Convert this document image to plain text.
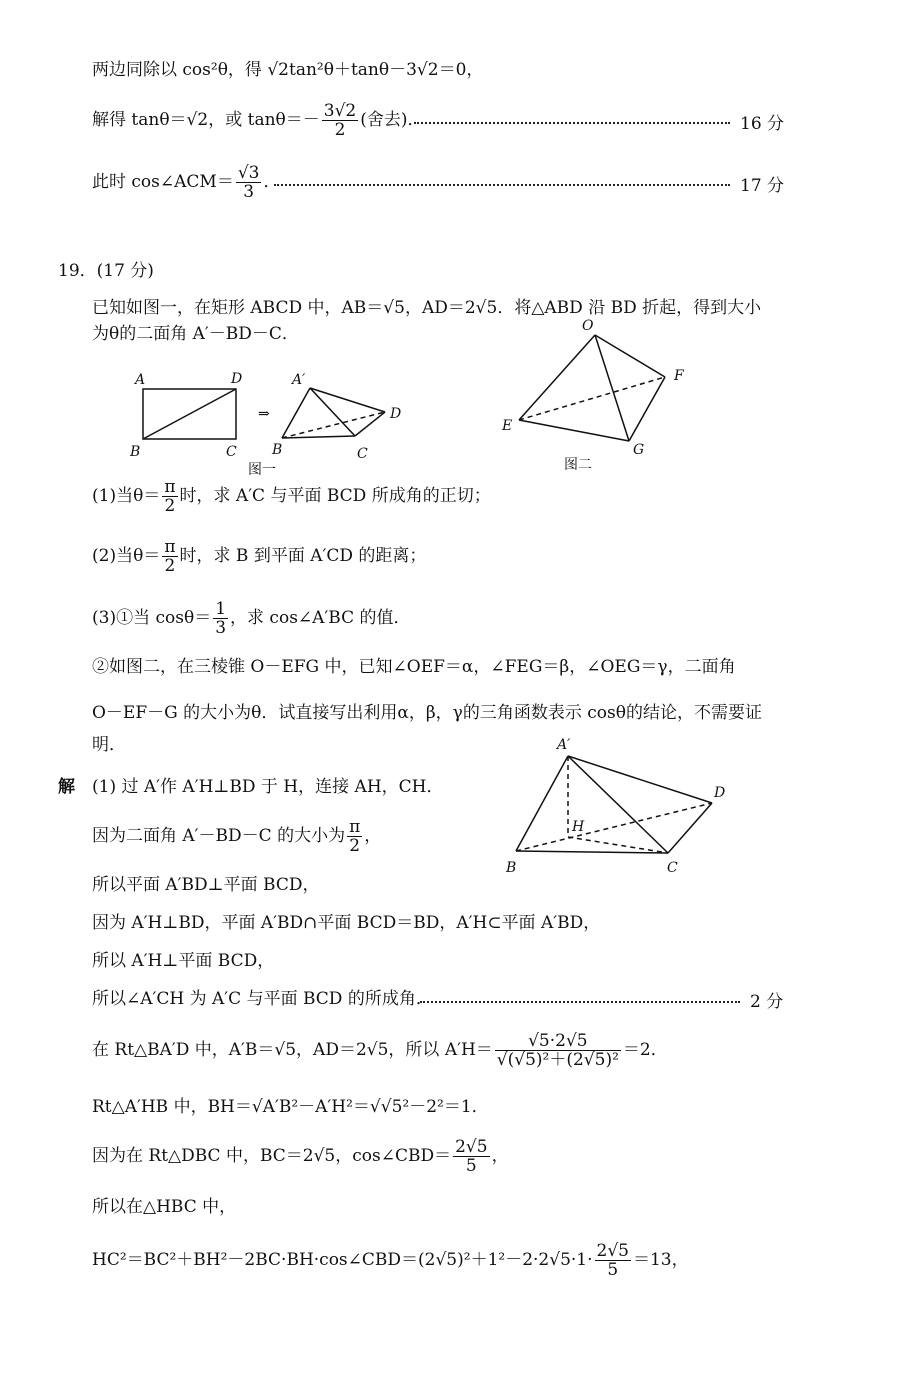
两边同除以 cos²θ，得 √2tan²θ＋tanθ－3√2＝0，
解得 tanθ＝√2，或 $\tan\theta=- \frac{3√2}{2}$ (舍去)．	16 分
此时 cos∠ACM＝ $\frac{√3}{3}$ ．	17 分
19．(17 分)
已知如图一，在矩形 ABCD 中，AB＝√5，AD＝2√5．将△ABD 沿 BD 折起，得到大小
为θ的二面角 A′－BD－C．
A	D
B	C
⇒
A′
D
B	C
图一
O
F
E
G
图二
(1)当$\theta= \frac{\pi}{2}$ 时，求 A′C 与平面 BCD 所成角的正切；
(2)当$\theta= \frac{\pi}{2}$ 时，求 B 到平面 A′CD 的距离；
(3)①当 $\cos\theta= \frac{1}{3}$ ，求 cos∠A′BC 的值．
②如图二，在三棱锥 O－EFG 中，已知∠OEF＝α，∠FEG＝β，∠OEG＝γ，二面角
O－EF－G 的大小为θ．试直接写出利用α，β，γ的三角函数表示 cosθ的结论，不需要证
明．
解 (1) 过 A′作 A′H⊥BD 于 H，连接 AH，CH．
A′
D
H
B	C
因为二面角 A′－BD－C 的大小为 $\frac{\pi}{2}$ ，
所以平面 A′BD⊥平面 BCD，
因为 A′H⊥BD，平面 A′BD∩平面 BCD＝BD，A′H⊂平面 A′BD，
所以 A′H⊥平面 BCD，
所以∠A′CH 为 A′C 与平面 BCD 的所成角．	2 分
在 Rt△BA′D 中，A′B＝√5，AD＝2√5，所以 $A'H= \frac{√5\cdot 2√5}{\text{√(√5)²＋(2√5)²}} =2$．
Rt△A′HB 中，BH＝√A′B²－A′H²＝√√5²－2²＝1．
因为在 Rt△DBC 中，BC＝2√5，cos∠CBD＝ $\frac{2√5}{5}$ ，
所以在△HBC 中，
HC²＝BC²＋BH²－2BC·BH·cos∠CBD＝(2√5)²＋1²－2·2√5·1· $\frac{2√5}{5} =13$，
